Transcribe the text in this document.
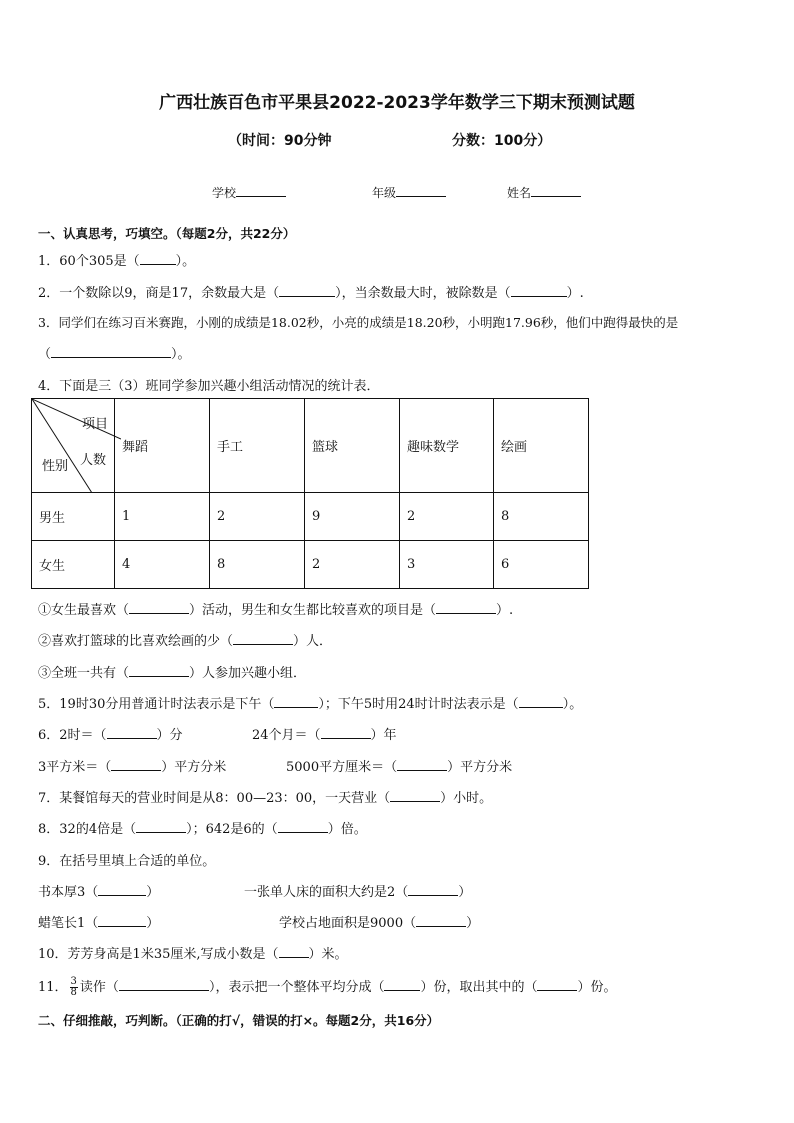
广西壮族百色市平果县2022-2023学年数学三下期末预测试题
（时间：90分钟	分数：100分）
学校	年级	姓名
一、认真思考，巧填空。（每题2分，共22分）
1．60个305是（	）。
2．一个数除以9，商是17，余数最大是（	），当余数最大时，被除数是（	）.
3．同学们在练习百米赛跑，小刚的成绩是18.02秒，小亮的成绩是18.20秒，小明跑17.96秒，他们中跑得最快的是
（	）。
4．下面是三（3）班同学参加兴趣小组活动情况的统计表．
项目
人数
性别	舞蹈	手工	篮球	趣味数学	绘画
男生	1	2	9	2	8
女生	4	8	2	3	6
①女生最喜欢（	）活动，男生和女生都比较喜欢的项目是（	）.
②喜欢打篮球的比喜欢绘画的少（	）人．
③全班一共有（	）人参加兴趣小组．
5．19时30分用普通计时法表示是下午（	）；下午5时用24时计时法表示是（	）。
6．2时＝（	）分	24个月＝（	）年
3平方米＝（	）平方分米	5000平方厘米＝（	）平方分米
7．某餐馆每天的营业时间是从8：00—23：00，一天营业（	）小时。
8．32的4倍是（	）；642是6的（	）倍。
9．在括号里填上合适的单位。
书本厚3（	）	一张单人床的面积大约是2（	）
蜡笔长1（	）	学校占地面积是9000（	）
10．芳芳身高是1米35厘米,写成小数是（ ）米。
11． $\frac{3}{8}$ 读作（	），表示把一个整体平均分成（	）份，取出其中的（	）份。
二、仔细推敲，巧判断。（正确的打√，错误的打×。每题2分，共16分）
